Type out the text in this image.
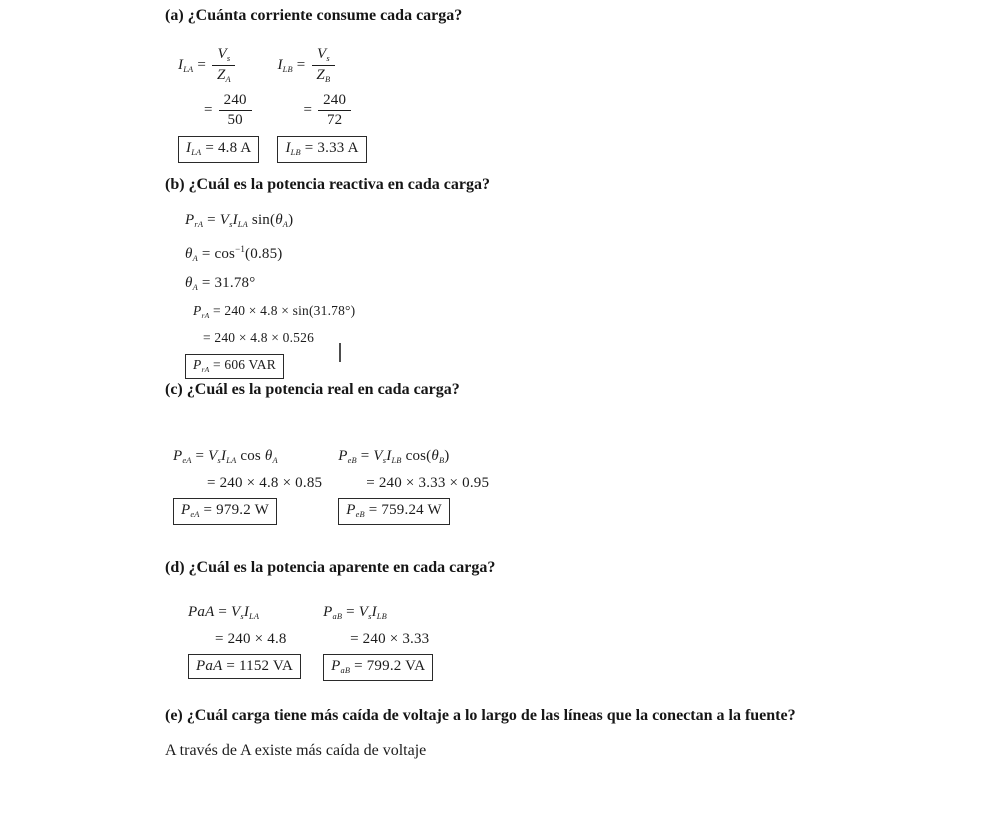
(a) ¿Cuánta corriente consume cada carga?
$I_{LA} = \frac{V_s}{Z_A}$
= $\frac{240}{50}$
$I_{LA} = 4.8$ A
$I_{LB} = \frac{V_s}{Z_B}$
= $\frac{240}{72}$
$I_{LB} = 3.33$ A
(b) ¿Cuál es la potencia reactiva en cada carga?
$P_{rA} = V_sI_{LA}$ $\sin(\theta_A)$
$\theta_A = \cos^{-1}(0.85)$
$\theta_A = 31.78^\circ$
$P_{rA} = 240 \times 4.8 \times \sin(31.78^\circ)$
= 240 × 4.8 × 0.526
$P_{rA} = 606$ VAR
(c) ¿Cuál es la potencia real en cada carga?
$P_{eA} = V_sI_{LA}$ $\cos \theta_A$
= 240 × 4.8 × 0.85
$P_{eA} = 979.2$ W
$P_{eB} = V_sI_{LB}$ $\cos(\theta_B)$
= 240 × 3.33 × 0.95
$P_{eB} = 759.24$ W
(d) ¿Cuál es la potencia aparente en cada carga?
PaA = $V_sI_{LA}$
= 240 × 4.8
PaA = 1152 VA
$P_{aB} = V_sI_{LB}$
= 240 × 3.33
$P_{aB} = 799.2$ VA
(e) ¿Cuál carga tiene más caída de voltaje a lo largo de las líneas que la conectan a la fuente?

A través de A existe más caída de voltaje
